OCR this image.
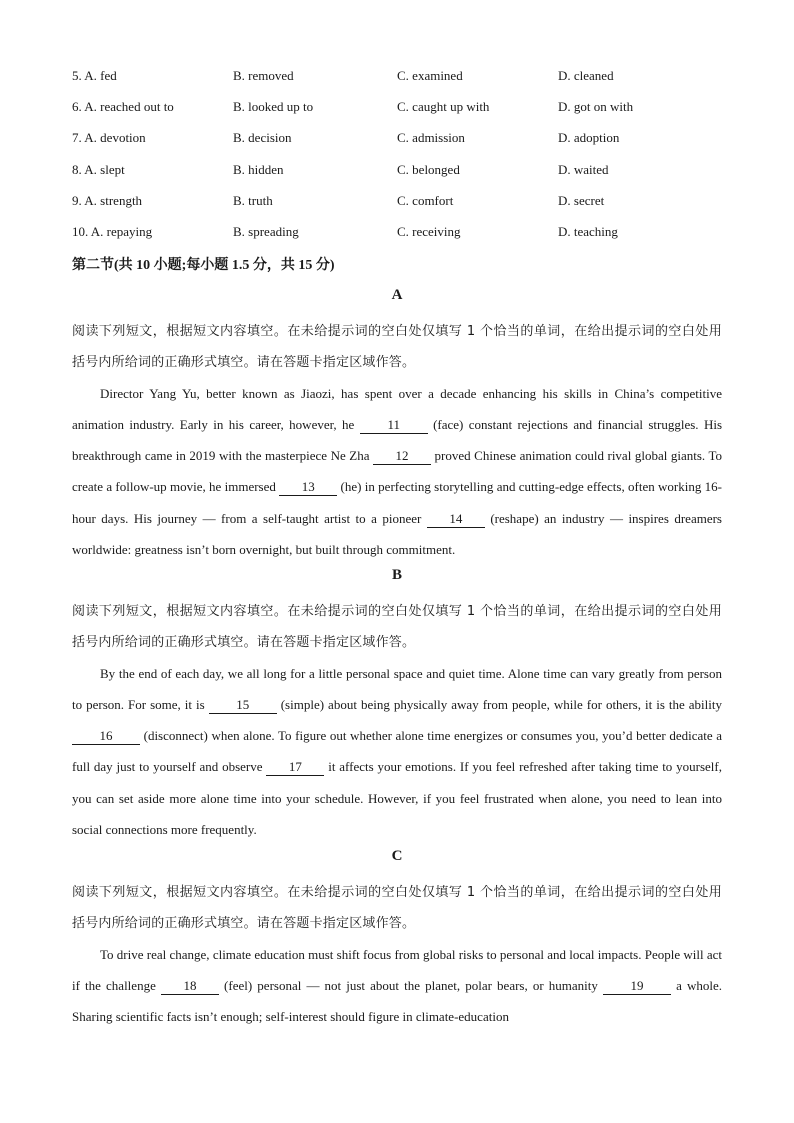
5. A. fed	B. removed	C. examined	D. cleaned
6. A. reached out to	B. looked up to	C. caught up with	D. got on with
7. A. devotion	B. decision	C. admission	D. adoption
8. A. slept	B. hidden	C. belonged	D. waited
9. A. strength	B. truth	C. comfort	D. secret
10. A. repaying	B. spreading	C. receiving	D. teaching
第二节(共 10 小题;每小题 1.5 分，共 15 分)
A
阅读下列短文，根据短文内容填空。在未给提示词的空白处仅填写 1 个恰当的单词，在给出提示词的空白处用括号内所给词的正确形式填空。请在答题卡指定区域作答。
Director Yang Yu, better known as Jiaozi, has spent over a decade enhancing his skills in China’s competitive animation industry. Early in his career, however, he 11 (face) constant rejections and financial struggles. His breakthrough came in 2019 with the masterpiece Ne Zha 12 proved Chinese animation could rival global giants. To create a follow-up movie, he immersed 13 (he) in perfecting storytelling and cutting-edge effects, often working 16-hour days. His journey — from a self-taught artist to a pioneer 14 (reshape) an industry — inspires dreamers worldwide: greatness isn’t born overnight, but built through commitment.
B
阅读下列短文，根据短文内容填空。在未给提示词的空白处仅填写 1 个恰当的单词，在给出提示词的空白处用括号内所给词的正确形式填空。请在答题卡指定区域作答。
By the end of each day, we all long for a little personal space and quiet time. Alone time can vary greatly from person to person. For some, it is 15 (simple) about being physically away from people, while for others, it is the ability 16 (disconnect) when alone. To figure out whether alone time energizes or consumes you, you’d better dedicate a full day just to yourself and observe 17 it affects your emotions. If you feel refreshed after taking time to yourself, you can set aside more alone time into your schedule. However, if you feel frustrated when alone, you need to lean into social connections more frequently.
C
阅读下列短文，根据短文内容填空。在未给提示词的空白处仅填写 1 个恰当的单词，在给出提示词的空白处用括号内所给词的正确形式填空。请在答题卡指定区域作答。
To drive real change, climate education must shift focus from global risks to personal and local impacts. People will act if the challenge 18 (feel) personal — not just about the planet, polar bears, or humanity 19 a whole. Sharing scientific facts isn’t enough; self-interest should figure in climate-education
